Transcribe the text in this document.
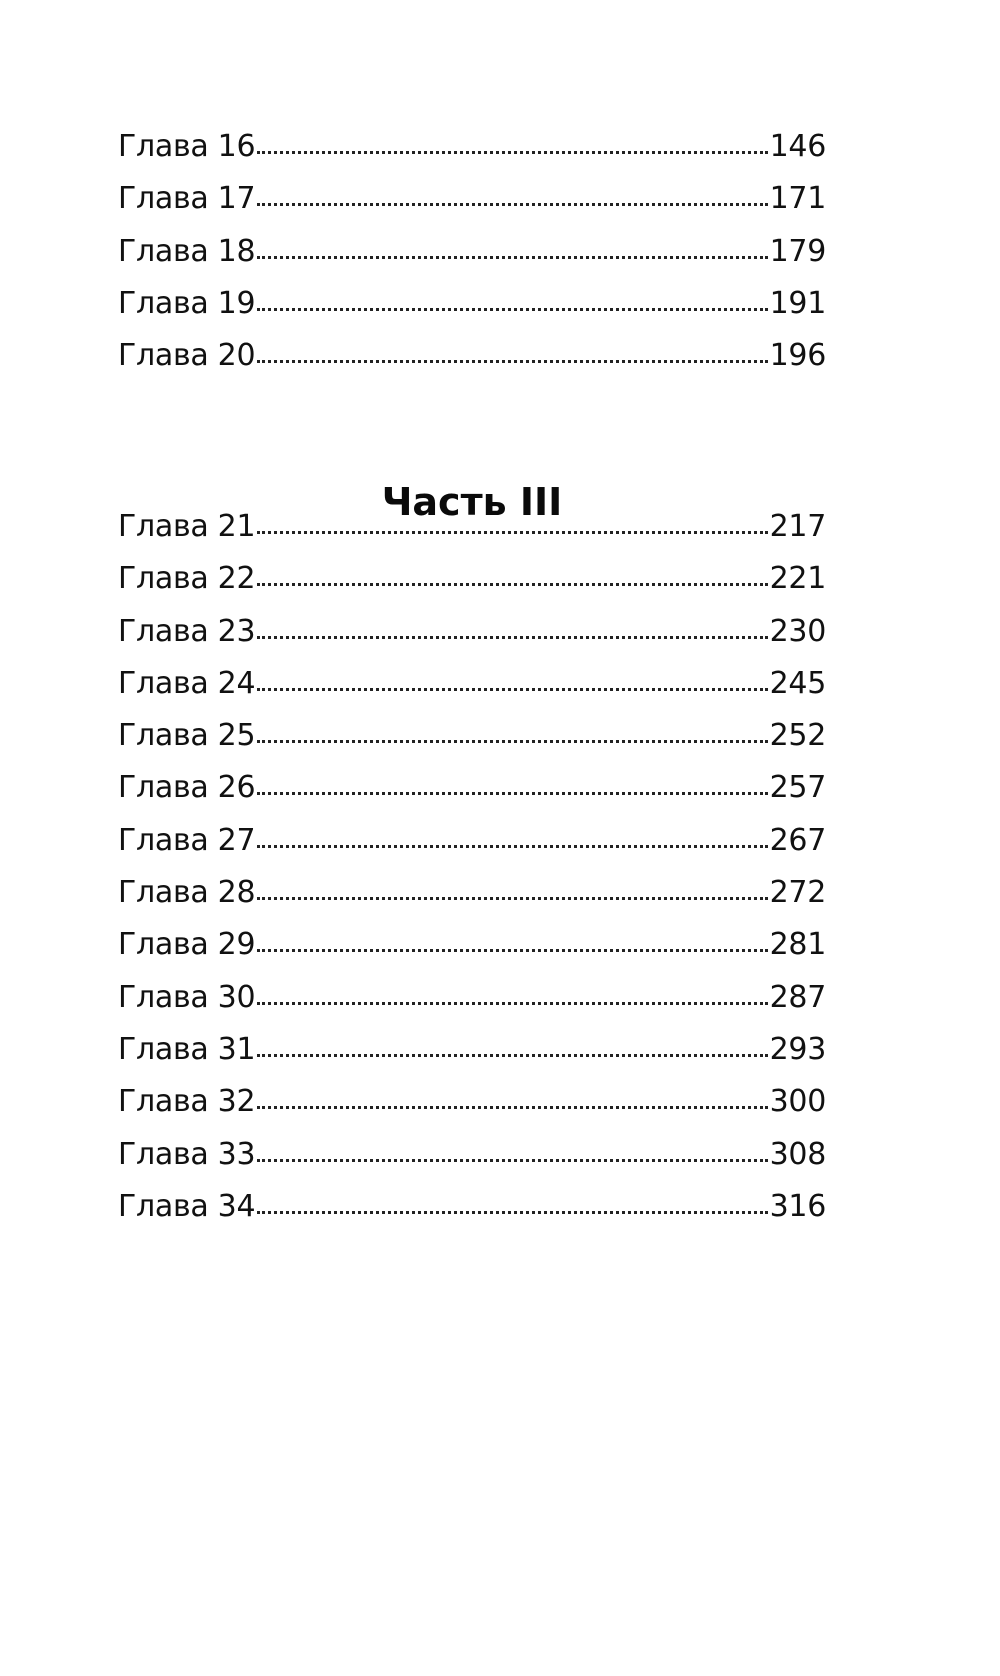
Глава 16	146
Глава 17	171
Глава 18	179
Глава 19	191
Глава 20	196
Часть III
Глава 21	217
Глава 22	221
Глава 23	230
Глава 24	245
Глава 25	252
Глава 26	257
Глава 27	267
Глава 28	272
Глава 29	281
Глава 30	287
Глава 31	293
Глава 32	300
Глава 33	308
Глава 34	316
